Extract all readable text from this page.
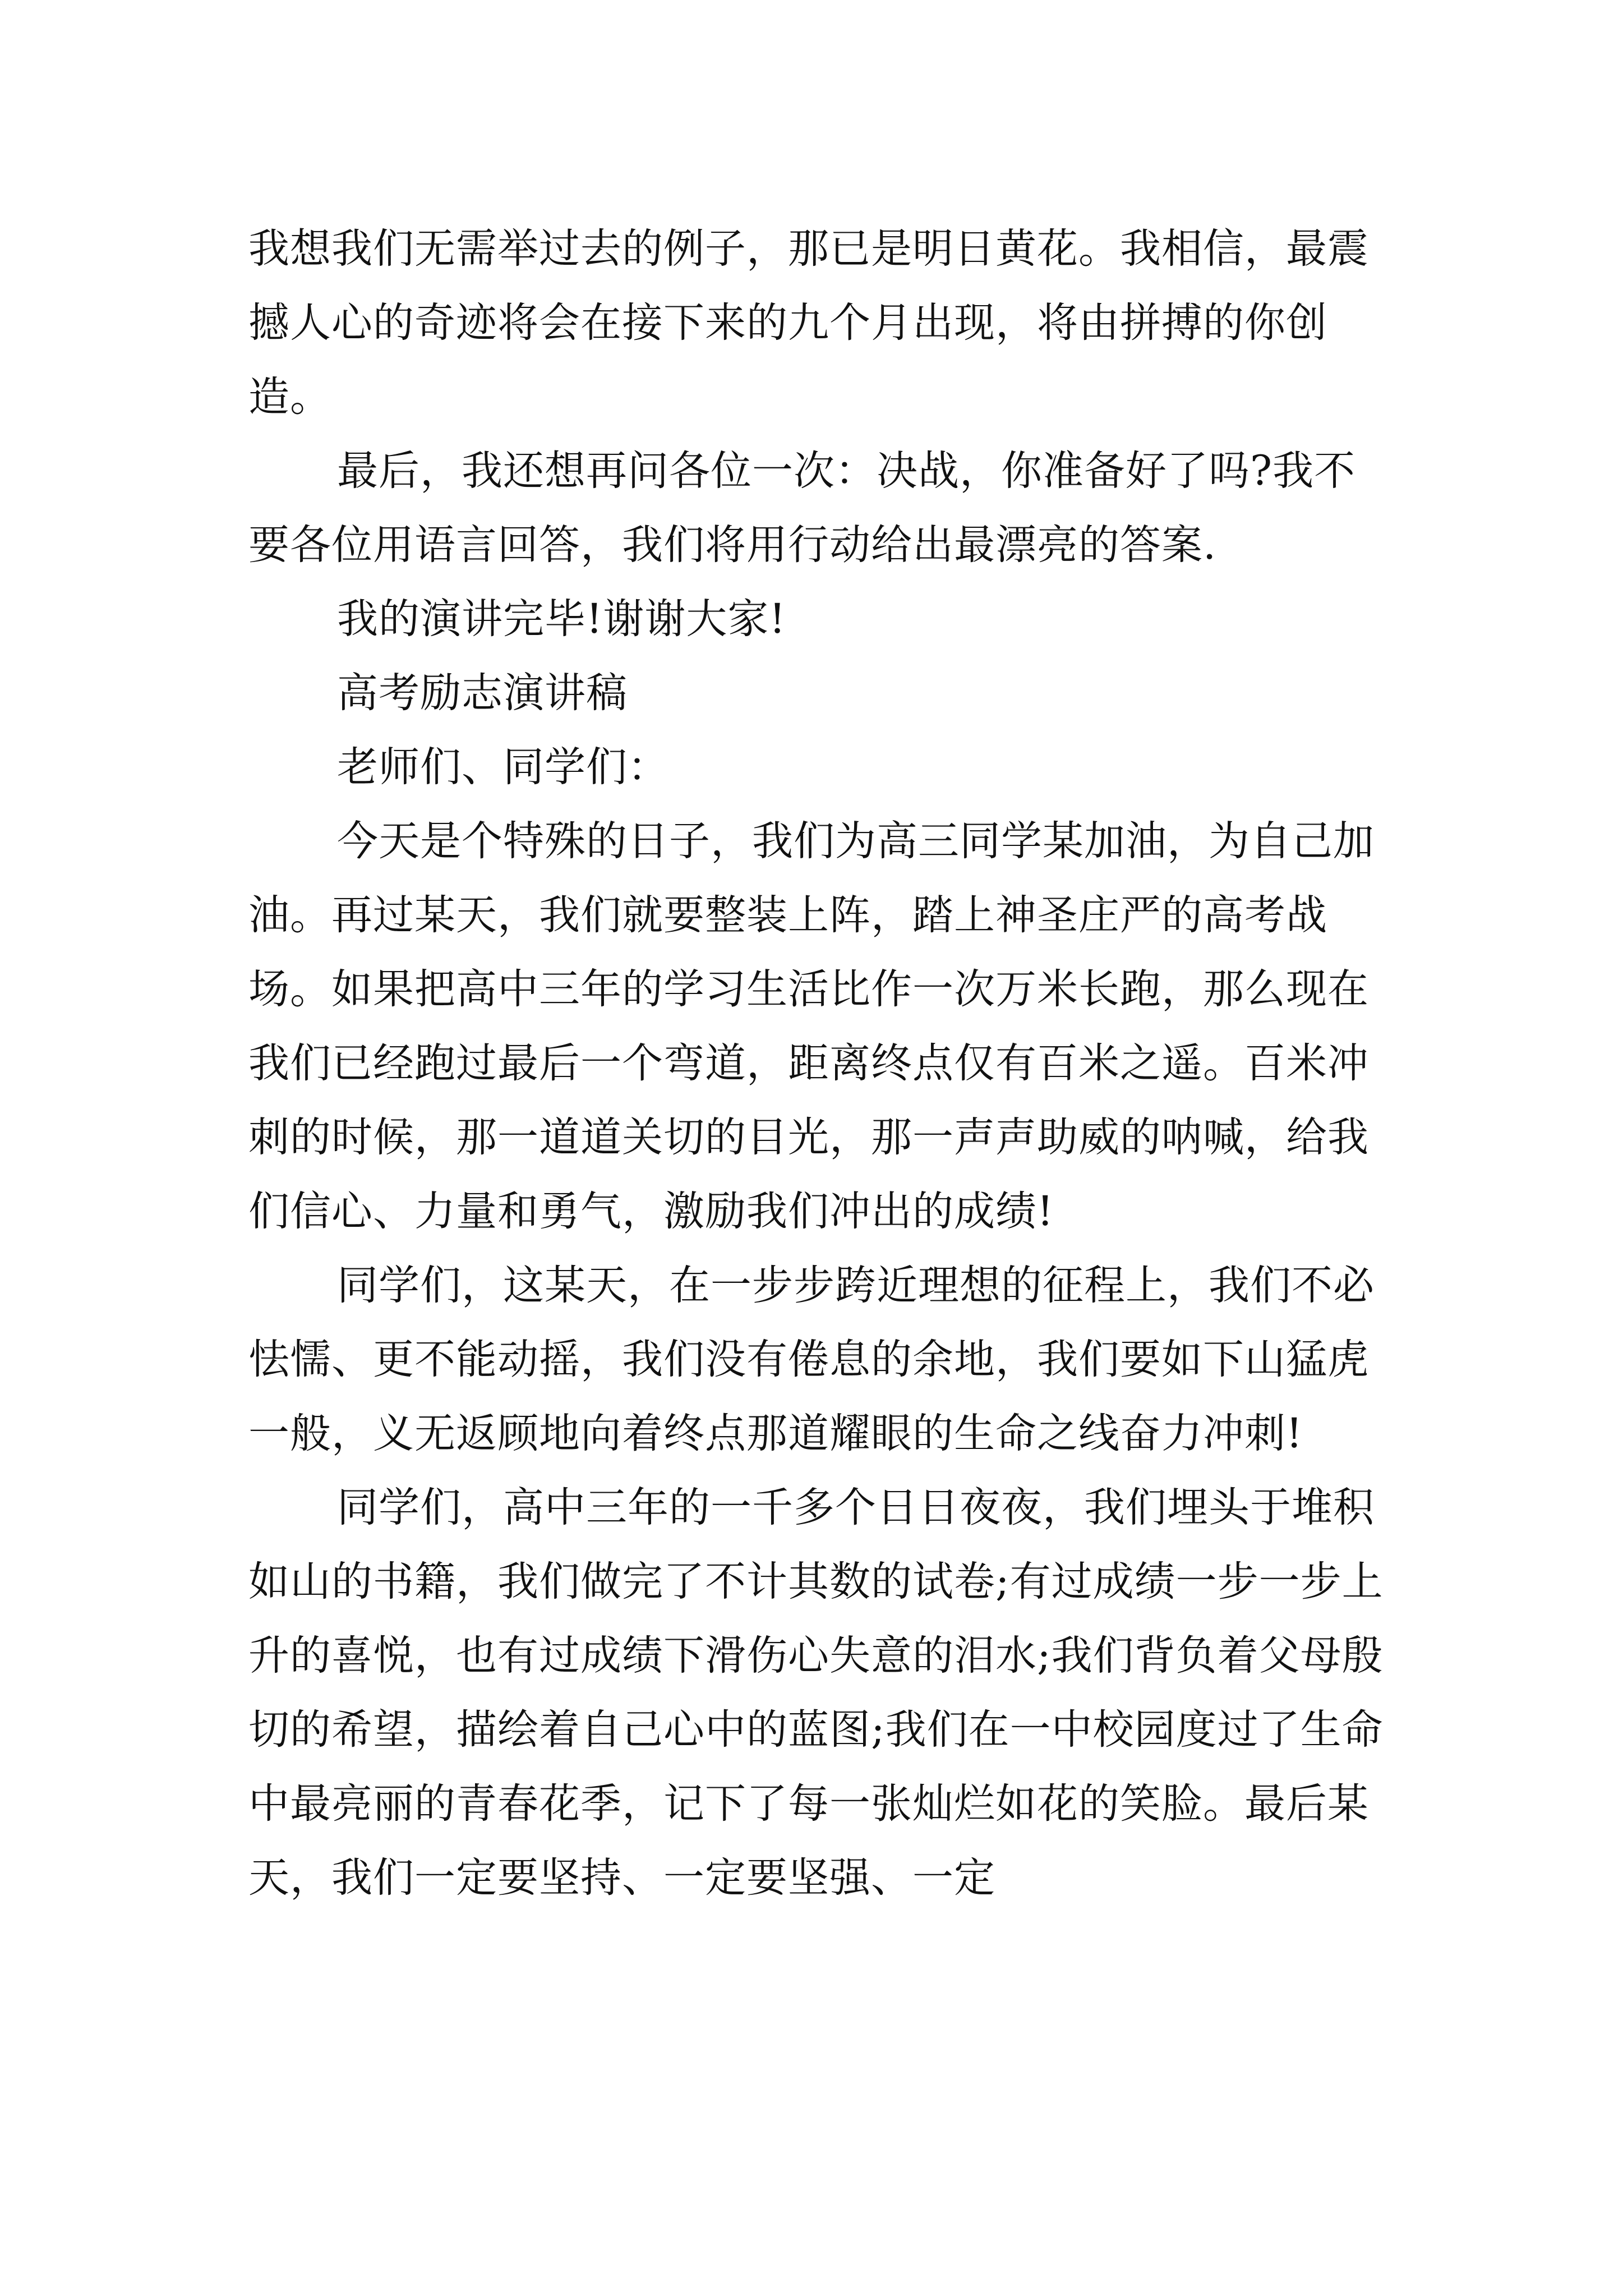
我想我们无需举过去的例子，那已是明日黄花。我相信，最震撼人心的奇迹将会在接下来的九个月出现，将由拼搏的你创造。

最后，我还想再问各位一次：决战，你准备好了吗?我不要各位用语言回答，我们将用行动给出最漂亮的答案.

我的演讲完毕!谢谢大家!

高考励志演讲稿

老师们、同学们：

今天是个特殊的日子，我们为高三同学某加油，为自己加油。再过某天，我们就要整装上阵，踏上神圣庄严的高考战场。如果把高中三年的学习生活比作一次万米长跑，那么现在我们已经跑过最后一个弯道，距离终点仅有百米之遥。百米冲刺的时候，那一道道关切的目光，那一声声助威的呐喊，给我们信心、力量和勇气，激励我们冲出的成绩!

同学们，这某天，在一步步跨近理想的征程上，我们不必怯懦、更不能动摇，我们没有倦息的余地，我们要如下山猛虎一般，义无返顾地向着终点那道耀眼的生命之线奋力冲刺!

同学们，高中三年的一千多个日日夜夜，我们埋头于堆积如山的书籍，我们做完了不计其数的试卷;有过成绩一步一步上升的喜悦，也有过成绩下滑伤心失意的泪水;我们背负着父母殷切的希望，描绘着自己心中的蓝图;我们在一中校园度过了生命中最亮丽的青春花季，记下了每一张灿烂如花的笑脸。最后某天，我们一定要坚持、一定要坚强、一定
